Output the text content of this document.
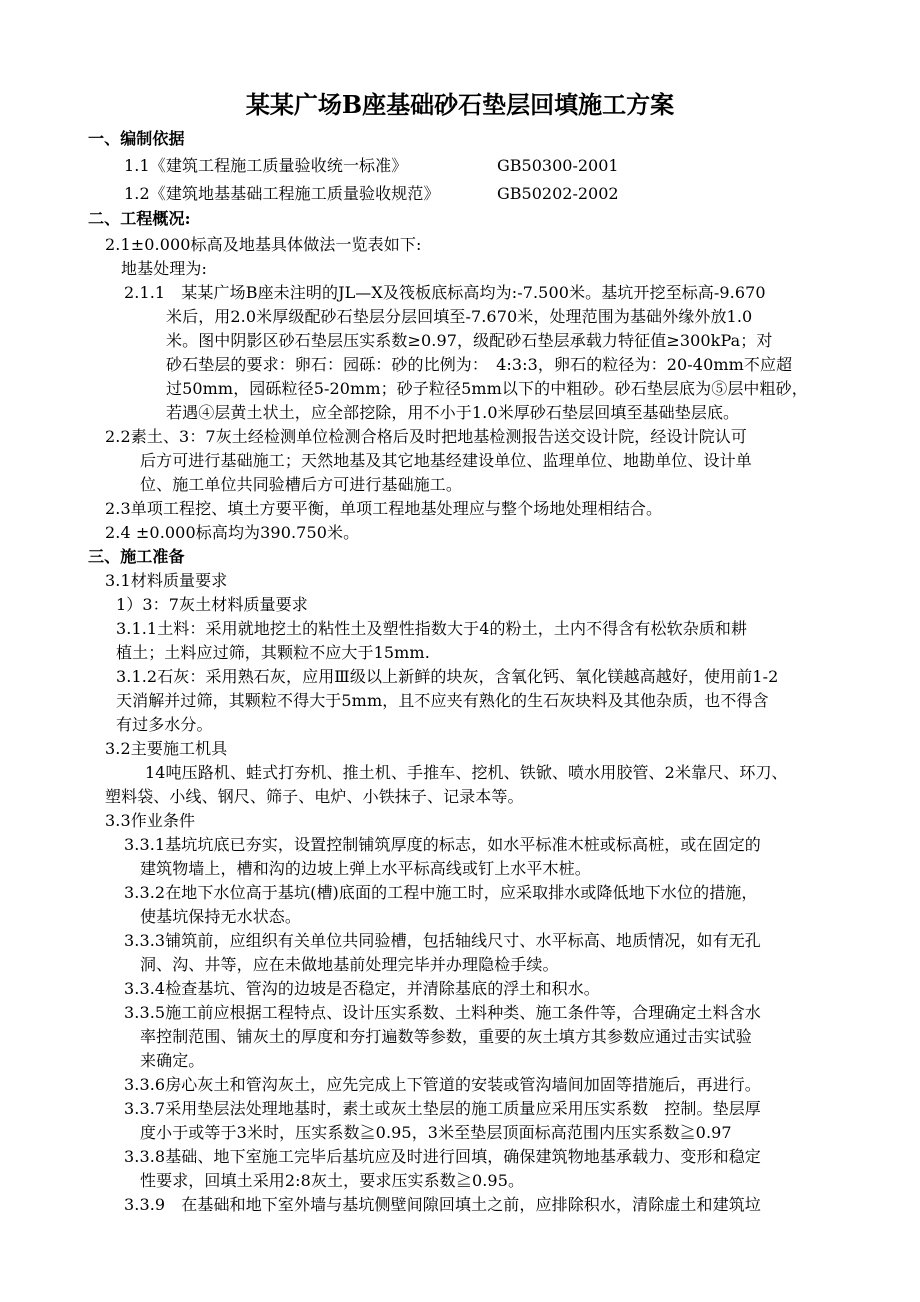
某某广场B座基础砂石垫层回填施工方案
一、编制依据
1.1《建筑工程施工质量验收统一标准》	GB50300-2001
1.2《建筑地基基础工程施工质量验收规范》	GB50202-2002
二、工程概况:
2.1±0.000标高及地基具体做法一览表如下:
地基处理为:
2.1.1　某某广场B座未注明的JL—X及筏板底标高均为:-7.500米。基坑开挖至标高-9.670
米后，用2.0米厚级配砂石垫层分层回填至-7.670米，处理范围为基础外缘外放1.0
米。图中阴影区砂石垫层压实系数≥0.97，级配砂石垫层承载力特征值≥300kPa；对
砂石垫层的要求：卵石：园砾：砂的比例为：　4:3:3，卵石的粒径为：20-40mm不应超
过50mm，园砾粒径5-20mm；砂子粒径5mm以下的中粗砂。砂石垫层底为⑤层中粗砂，
若遇④层黄土状土，应全部挖除，用不小于1.0米厚砂石垫层回填至基础垫层底。
2.2素土、3：7灰土经检测单位检测合格后及时把地基检测报告送交设计院，经设计院认可
后方可进行基础施工；天然地基及其它地基经建设单位、监理单位、地勘单位、设计单
位、施工单位共同验槽后方可进行基础施工。
2.3单项工程挖、填土方要平衡，单项工程地基处理应与整个场地处理相结合。
2.4 ±0.000标高均为390.750米。
三、施工准备
3.1材料质量要求
1）3：7灰土材料质量要求
3.1.1土料：采用就地挖土的粘性土及塑性指数大于4的粉土，土内不得含有松软杂质和耕
植土；土料应过筛，其颗粒不应大于15mm.
3.1.2石灰：采用熟石灰，应用Ⅲ级以上新鲜的块灰，含氧化钙、氧化镁越高越好，使用前1-2
天消解并过筛，其颗粒不得大于5mm，且不应夹有熟化的生石灰块料及其他杂质，也不得含
有过多水分。
3.2主要施工机具
14吨压路机、蛙式打夯机、推土机、手推车、挖机、铁锨、喷水用胶管、2米靠尺、环刀、
塑料袋、小线、钢尺、筛子、电炉、小铁抹子、记录本等。
3.3作业条件
3.3.1基坑坑底已夯实，设置控制铺筑厚度的标志，如水平标准木桩或标高桩，或在固定的
建筑物墙上，槽和沟的边坡上弹上水平标高线或钉上水平木桩。
3.3.2在地下水位高于基坑(槽)底面的工程中施工时，应采取排水或降低地下水位的措施，
使基坑保持无水状态。
3.3.3铺筑前，应组织有关单位共同验槽，包括轴线尺寸、水平标高、地质情况，如有无孔
洞、沟、井等，应在未做地基前处理完毕并办理隐检手续。
3.3.4检查基坑、管沟的边坡是否稳定，并清除基底的浮土和积水。
3.3.5施工前应根据工程特点、设计压实系数、土料种类、施工条件等，合理确定土料含水
率控制范围、铺灰土的厚度和夯打遍数等参数，重要的灰土填方其参数应通过击实试验
来确定。
3.3.6房心灰土和管沟灰土，应先完成上下管道的安装或管沟墙间加固等措施后，再进行。
3.3.7采用垫层法处理地基时，素土或灰土垫层的施工质量应采用压实系数　控制。垫层厚
度小于或等于3米时，压实系数≧0.95，3米至垫层顶面标高范围内压实系数≧0.97
3.3.8基础、地下室施工完毕后基坑应及时进行回填，确保建筑物地基承载力、变形和稳定
性要求，回填土采用2:8灰土，要求压实系数≧0.95。
3.3.9　在基础和地下室外墙与基坑侧壁间隙回填土之前，应排除积水，清除虚土和建筑垃
